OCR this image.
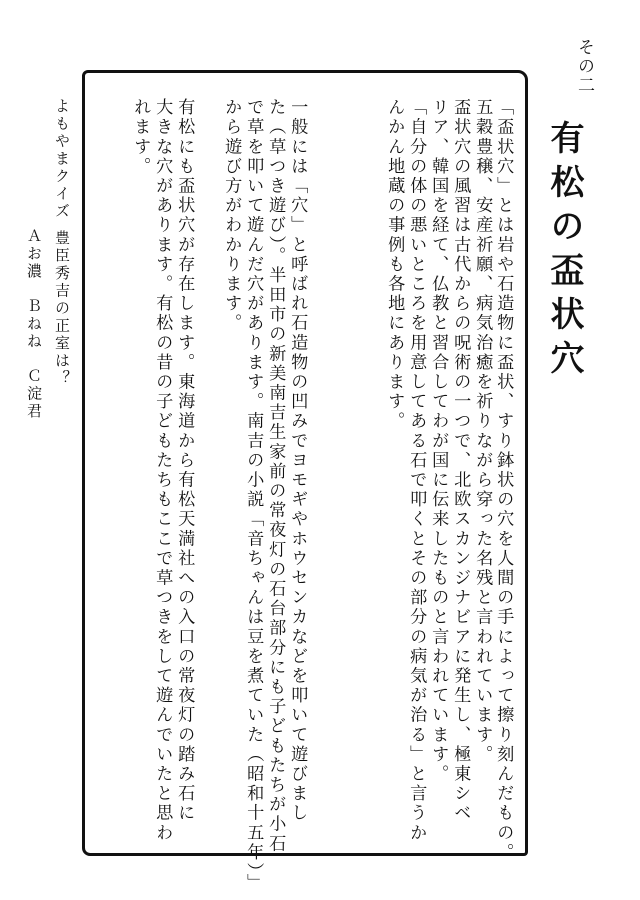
その二
有松の盃状穴
「盃状穴」とは岩や石造物に盃状、すり鉢状の穴を人間の手によって擦り刻んだもの。
五穀豊穣、安産祈願、病気治癒を祈りながら穿った名残と言われています。
盃状穴の風習は古代からの呪術の一つで、北欧スカンジナビアに発生し、極東シベ
リア、韓国を経て、仏教と習合してわが国に伝来したものと言われています。
「自分の体の悪いところを用意してある石で叩くとその部分の病気が治る」と言うか
んかん地蔵の事例も各地にあります。
一般には「穴」と呼ばれ石造物の凹みでヨモギやホウセンカなどを叩いて遊びまし
た（草つき遊び）。半田市の新美南吉生家前の常夜灯の石台部分にも子どもたちが小石
で草を叩いて遊んだ穴があります。南吉の小説「音ちゃんは豆を煮ていた（昭和十五年）」
から遊び方がわかります。
有松にも盃状穴が存在します。東海道から有松天満社への入口の常夜灯の踏み石に
大きな穴があります。有松の昔の子どもたちもここで草つきをして遊んでいたと思わ
れます。
よもやまクイズ
豊臣秀吉の正室は？
Ａお濃　Ｂねね　Ｃ淀君
